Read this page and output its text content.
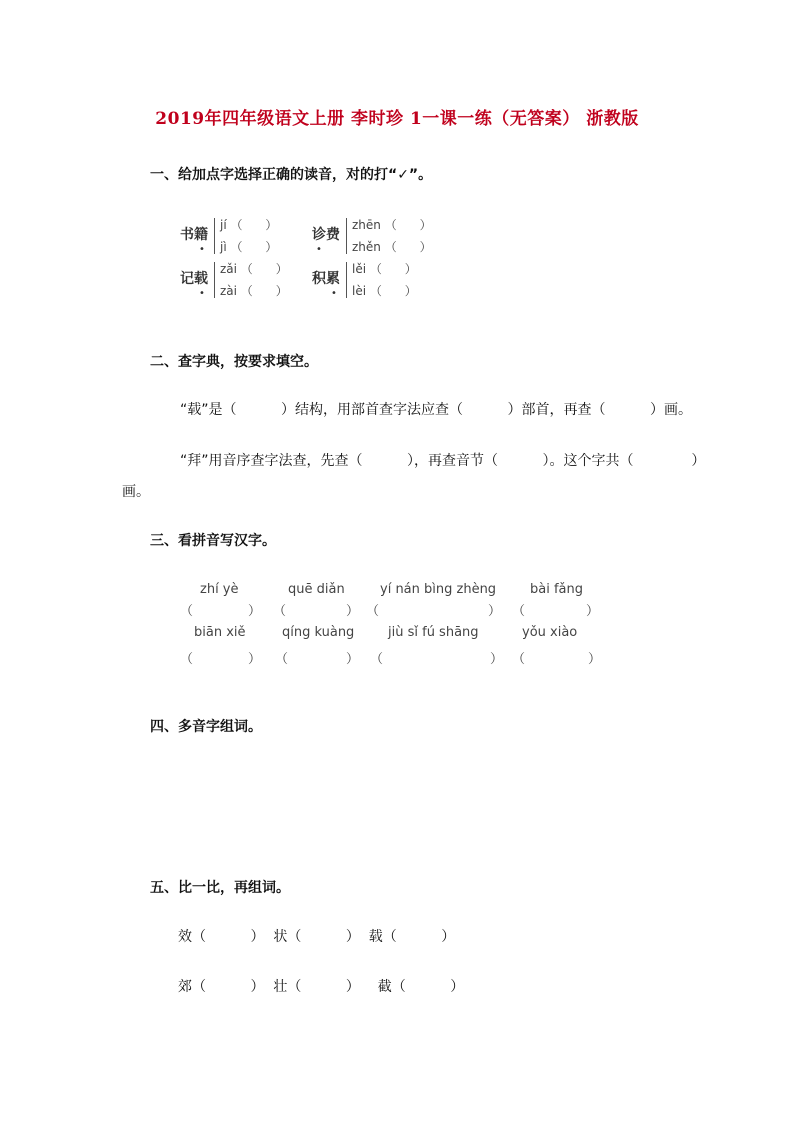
2019年四年级语文上册 李时珍 1一课一练（无答案） 浙教版
一、给加点字选择正确的读音，对的打“✓”。
书籍
•
jí （      ）
jì （      ）
诊费
•
zhēn （      ）
zhěn （      ）
记载
•
zǎi （      ）
zài （      ）
积累
•
lěi （      ）
lèi （      ）
二、查字典，按要求填空。
“载”是（          ）结构，用部首查字法应查（          ）部首，再查（          ）画。
“拜”用音序查字法查，先查（          ），再查音节（          ）。这个字共（             ）
画。
三、看拼音写汉字。
zhí yè	quē diǎn	yí nán bìng zhèng	bài fǎng
（	） （	） （	） （	）
biān xiě	qíng kuàng	jiù sǐ fú shāng	yǒu xiào
（	） （	） （	） （	）
四、多音字组词。
五、比一比，再组词。
效（          ）  状（          ）  载（          ）
郊（          ）  壮（          ）    截（          ）
